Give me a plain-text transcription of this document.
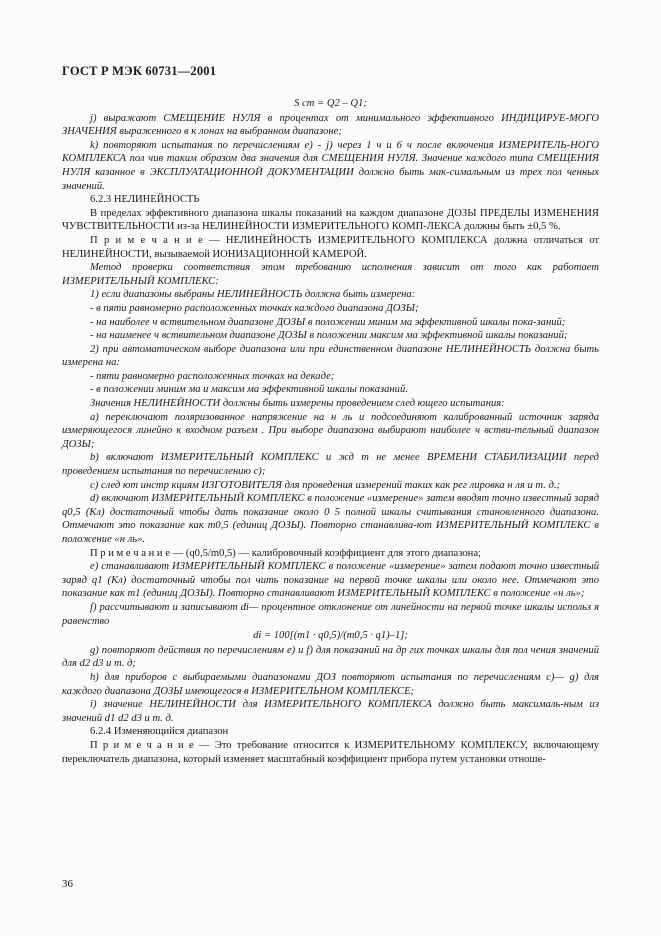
ГОСТ Р МЭК 60731—2001

S ст = Q2 – Q1;

j) выражают СМЕЩЕНИЕ НУЛЯ в процентах от минимального эффективного ИНДИЦИРУЕ-МОГО ЗНАЧЕНИЯ выраженного в к лонах на выбранном диапазоне;

k) повторяют испытания по перечислениям е) - j) через 1 ч и 6 ч после включения ИЗМЕРИТЕЛЬ-НОГО КОМПЛЕКСА пол чив таким образом два значения для СМЕЩЕНИЯ НУЛЯ. Значение каждого типа СМЕЩЕНИЯ НУЛЯ казанное в ЭКСПЛУАТАЦИОННОЙ ДОКУМЕНТАЦИИ должно быть мак-симальным из трех пол ченных значений.

6.2.3 НЕЛИНЕЙНОСТЬ

В пределах эффективного диапазона шкалы показаний на каждом диапазоне ДОЗЫ ПРЕДЕЛЫ ИЗМЕНЕНИЯ ЧУВСТВИТЕЛЬНОСТИ из-за НЕЛИНЕЙНОСТИ ИЗМЕРИТЕЛЬНОГО КОМП-ЛЕКСА должны быть ±0,5 %.

П р и м е ч а н и е — НЕЛИНЕЙНОСТЬ ИЗМЕРИТЕЛЬНОГО КОМПЛЕКСА должна отличаться от НЕЛИНЕЙНОСТИ, вызываемой ИОНИЗАЦИОННОЙ КАМЕРОЙ.

Метод проверки соответствия этом требованию исполнения зависит от того как работает ИЗМЕРИТЕЛЬНЫЙ КОМПЛЕКС:

1) если диапазоны выбраны НЕЛИНЕЙНОСТЬ должна быть измерена:

- в пяти равномерно расположенных точках каждого диапазона ДОЗЫ;

- на наиболее ч вствительном диапазоне ДОЗЫ в положении миним ма эффективной шкалы пока-заний;

- на наименее ч вствительном диапазоне ДОЗЫ в положении максим ма эффективной шкалы показаний;

2) при автоматическом выборе диапазона или при единственном диапазоне НЕЛИНЕЙНОСТЬ должна быть измерена на:

- пяти равномерно расположенных точках на декаде;

- в положении миним ма и максим ма эффективной шкалы показаний.

Значения НЕЛИНЕЙНОСТИ должны быть измерены проведением след ющего испытания:

а) переключают поляризованное напряжение на н ль и подсоединяют калиброванный источник заряда измеряющегося линейно к входном разъем . При выборе диапазона выбирают наиболее ч встви-тельный диапазон ДОЗЫ;

b) включают ИЗМЕРИТЕЛЬНЫЙ КОМПЛЕКС и жд т не менее ВРЕМЕНИ СТАБИЛИЗАЦИИ перед проведением испытания по перечислению с);

с) след ют инстр кциям ИЗГОТОВИТЕЛЯ для проведения измерений таких как рег лировка н ля и т. д.;

d) включают ИЗМЕРИТЕЛЬНЫЙ КОМПЛЕКС в положение «измерение» затем вводят точно известный заряд q0,5 (Кл) достаточный чтобы дать показание около 0 5 полной шкалы считывания становленного диапазона. Отмечают это показание как m0,5 (единиц ДОЗЫ). Повторно станавлива-ют ИЗМЕРИТЕЛЬНЫЙ КОМПЛЕКС в положение «н ль».

П р и м е ч а н и е — (q0,5/m0,5) — калибровочный коэффициент для этого диапазона;

е) станавливают ИЗМЕРИТЕЛЬНЫЙ КОМПЛЕКС в положение «измерение» затем подают точно известный заряд q1 (Кл) достаточный чтобы пол чить показание на первой точке шкалы или около нее. Отмечают это показание как m1 (единиц ДОЗЫ). Повторно станавливают ИЗМЕРИТЕЛЬНЫЙ КОМПЛЕКС в положение «н ль»;

f) рассчитывают и записывают di— процентное отклонение от линейности на первой точке шкалы использ я равенство

di = 100[(m1 · q0,5)/(m0,5 · q1)–1];

g) повторяют действия по перечислениям е) и f) для показаний на др гих точках шкалы для пол чения значений для d2 d3 и т. д;

h) для приборов с выбираемыми диапазонами ДОЗ повторяют испытания по перечислениям с)— g) для каждого диапазона ДОЗЫ имеющегося в ИЗМЕРИТЕЛЬНОМ КОМПЛЕКСЕ;

i) значение НЕЛИНЕЙНОСТИ для ИЗМЕРИТЕЛЬНОГО КОМПЛЕКСА должно быть максималь-ным из значений d1 d2 d3 и т. д.

6.2.4 Изменяющийся диапазон

П р и м е ч а н и е — Это требование относится к ИЗМЕРИТЕЛЬНОМУ КОМПЛЕКСУ, включающему переключатель диапазона, который изменяет масштабный коэффициент прибора путем установки отноше-

36
